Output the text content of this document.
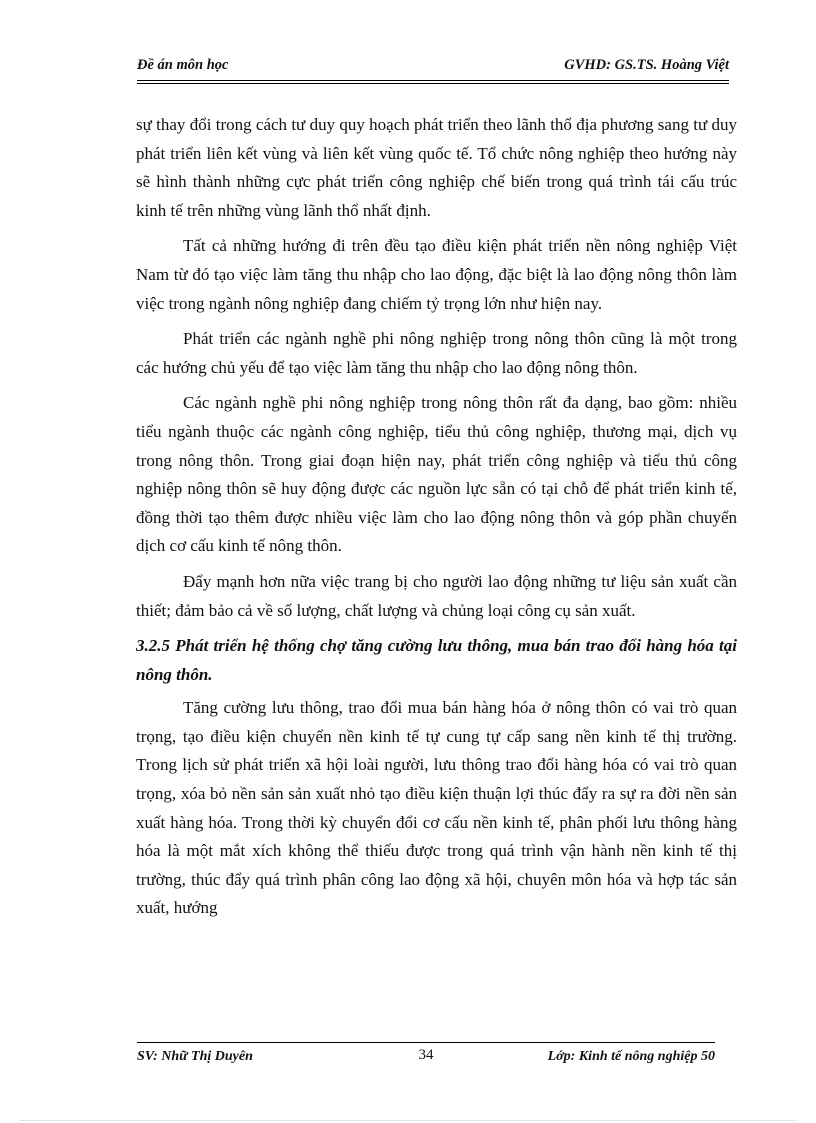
Đề án môn học	GVHD: GS.TS. Hoàng Việt

sự thay đổi trong cách tư duy quy hoạch phát triển theo lãnh thổ địa phương sang tư duy phát triển liên kết vùng và liên kết vùng quốc tế. Tổ chức nông nghiệp theo hướng này sẽ hình thành những cực phát triển công nghiệp chế biến trong quá trình tái cấu trúc kinh tế trên những vùng lãnh thổ nhất định.

Tất cả những hướng đi trên đều tạo điều kiện phát triển nền nông nghiệp Việt Nam từ đó tạo việc làm tăng thu nhập cho lao động, đặc biệt là lao động nông thôn làm việc trong ngành nông nghiệp đang chiếm tỷ trọng lớn như hiện nay.

Phát triển các ngành nghề phi nông nghiệp trong nông thôn cũng là một trong các hướng chủ yếu để tạo việc làm tăng thu nhập cho lao động nông thôn.

Các ngành nghề phi nông nghiệp trong nông thôn rất đa dạng, bao gồm: nhiều tiểu ngành thuộc các ngành công nghiệp, tiểu thủ công nghiệp, thương mại, dịch vụ trong nông thôn. Trong giai đoạn hiện nay, phát triển công nghiệp và tiểu thủ công nghiệp nông thôn sẽ huy động được các nguồn lực sẵn có tại chỗ để phát triển kinh tế, đồng thời tạo thêm được nhiều việc làm cho lao động nông thôn và góp phần chuyển dịch cơ cấu kinh tế nông thôn.

Đẩy mạnh hơn nữa việc trang bị cho người lao động những tư liệu sản xuất cần thiết; đảm bảo cả về số lượng, chất lượng và chủng loại công cụ sản xuất.

3.2.5 Phát triển hệ thống chợ tăng cường lưu thông, mua bán trao đổi hàng hóa tại nông thôn.

Tăng cường lưu thông, trao đổi mua bán hàng hóa ở nông thôn có vai trò quan trọng, tạo điều kiện chuyển nền kinh tế tự cung tự cấp sang nền kinh tế thị trường. Trong lịch sử phát triển xã hội loài người, lưu thông trao đổi hàng hóa có vai trò quan trọng, xóa bỏ nền sản sản xuất nhỏ tạo điều kiện thuận lợi thúc đẩy ra sự ra đời nền sản xuất hàng hóa. Trong thời kỳ chuyển đổi cơ cấu nền kinh tế, phân phối lưu thông hàng hóa là một mắt xích không thể thiếu được trong quá trình vận hành nền kinh tế thị trường, thúc đẩy quá trình phân công lao động xã hội, chuyên môn hóa và hợp tác sản xuất, hướng

SV: Nhữ Thị Duyên	34	Lớp: Kinh tế nông nghiệp 50
